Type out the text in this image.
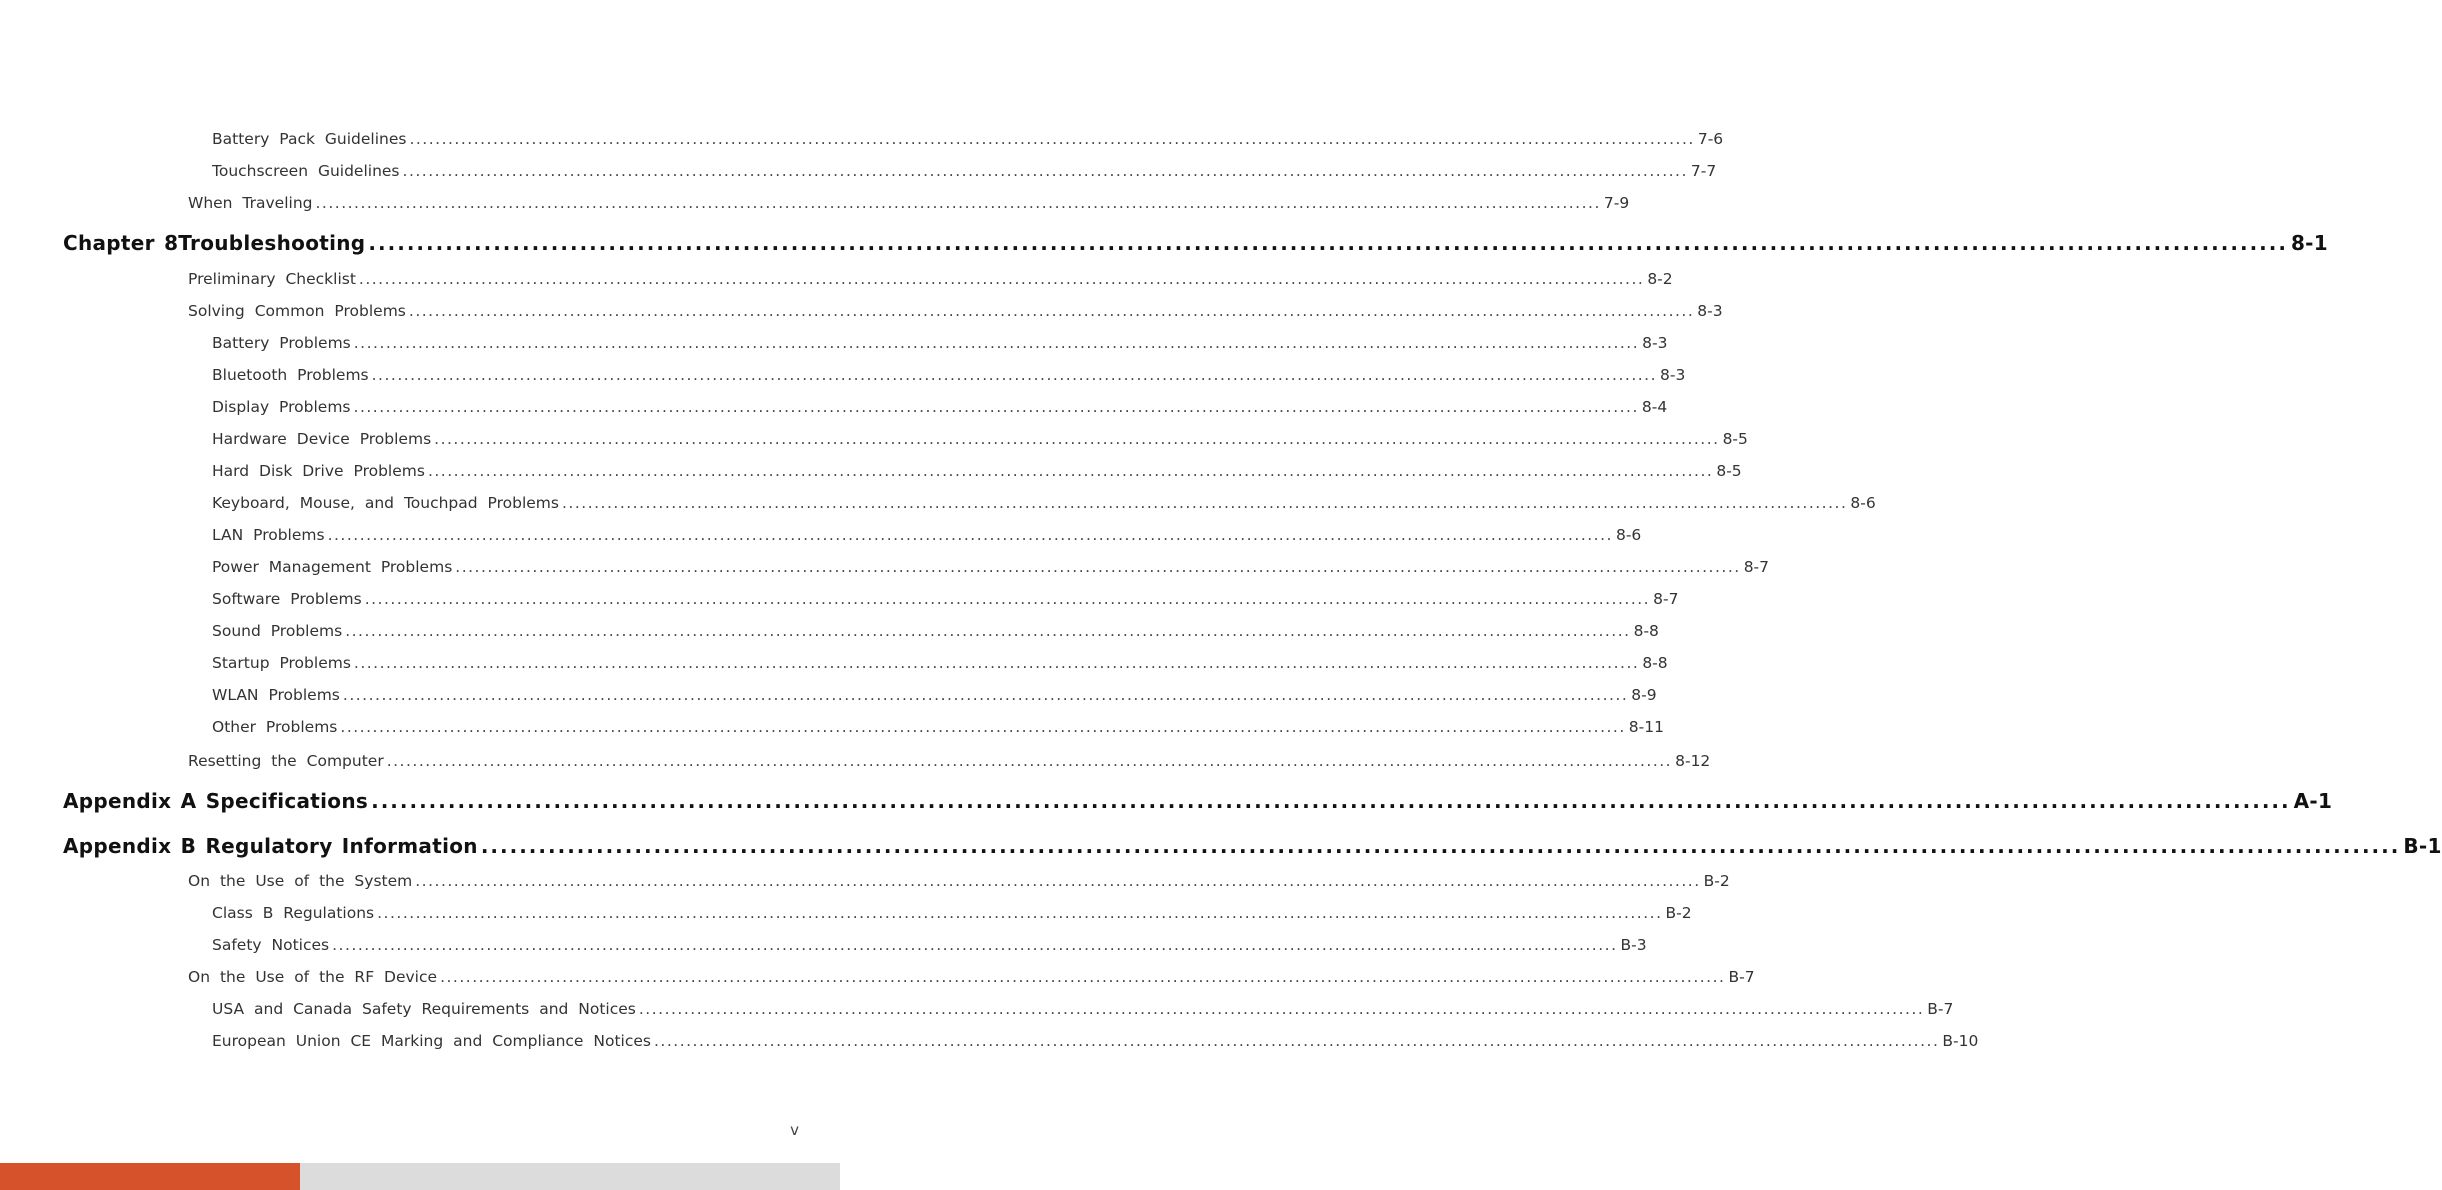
Battery Pack Guidelines ........................................................................................................................................................................................................ 7-6
Touchscreen Guidelines ........................................................................................................................................................................................................ 7-7
When Traveling ........................................................................................................................................................................................................ 7-9
Chapter 8Troubleshooting ........................................................................................................................................................................................................ 8-1
Preliminary Checklist ........................................................................................................................................................................................................ 8-2
Solving Common Problems ........................................................................................................................................................................................................ 8-3
Battery Problems ........................................................................................................................................................................................................ 8-3
Bluetooth Problems ........................................................................................................................................................................................................ 8-3
Display Problems ........................................................................................................................................................................................................ 8-4
Hardware Device Problems ........................................................................................................................................................................................................ 8-5
Hard Disk Drive Problems ........................................................................................................................................................................................................ 8-5
Keyboard, Mouse, and Touchpad Problems ........................................................................................................................................................................................................ 8-6
LAN Problems ........................................................................................................................................................................................................ 8-6
Power Management Problems ........................................................................................................................................................................................................ 8-7
Software Problems ........................................................................................................................................................................................................ 8-7
Sound Problems ........................................................................................................................................................................................................ 8-8
Startup Problems ........................................................................................................................................................................................................ 8-8
WLAN Problems ........................................................................................................................................................................................................ 8-9
Other Problems ........................................................................................................................................................................................................ 8-11
Resetting the Computer ........................................................................................................................................................................................................ 8-12
Appendix A Specifications ........................................................................................................................................................................................................ A-1
Appendix B Regulatory Information ........................................................................................................................................................................................................ B-1
On the Use of the System ........................................................................................................................................................................................................ B-2
Class B Regulations ........................................................................................................................................................................................................ B-2
Safety Notices ........................................................................................................................................................................................................ B-3
On the Use of the RF Device ........................................................................................................................................................................................................ B-7
USA and Canada Safety Requirements and Notices ........................................................................................................................................................................................................ B-7
European Union CE Marking and Compliance Notices ........................................................................................................................................................................................................ B-10
v
